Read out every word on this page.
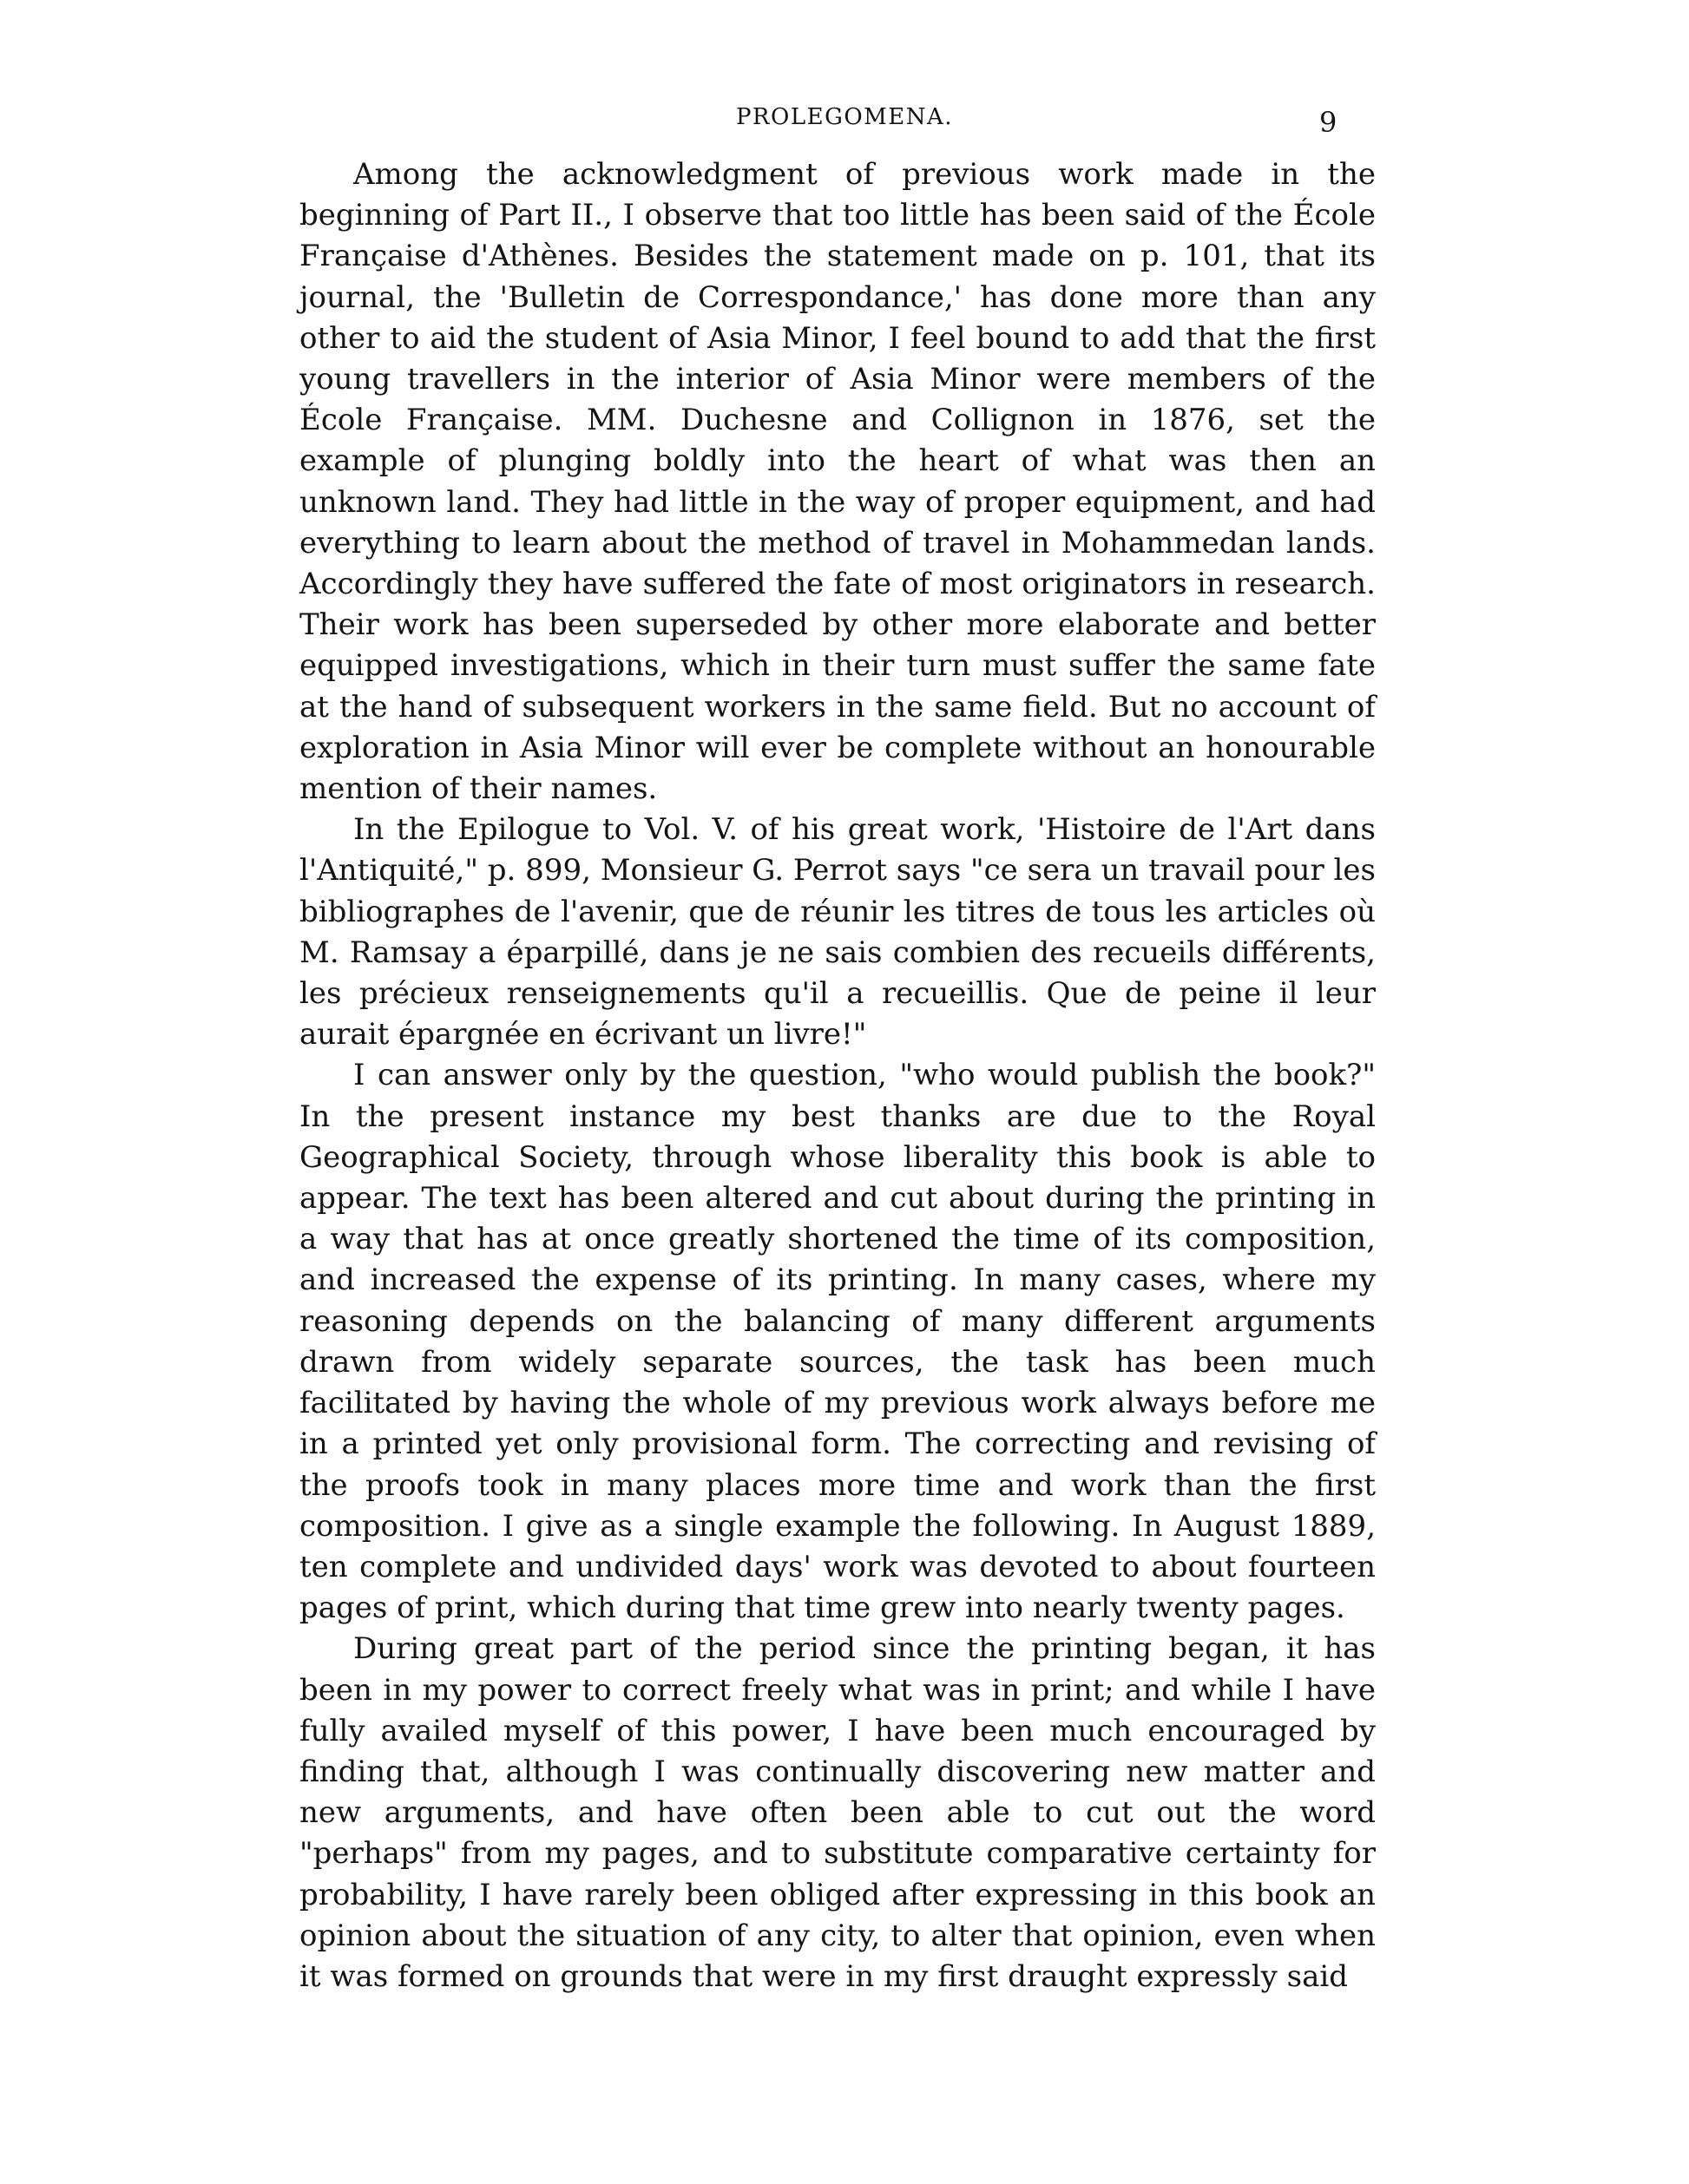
PROLEGOMENA.	9

Among the acknowledgment of previous work made in the beginning of Part II., I observe that too little has been said of the École Française d'Athènes. Besides the statement made on p. 101, that its journal, the 'Bulletin de Correspondance,' has done more than any other to aid the student of Asia Minor, I feel bound to add that the first young travellers in the interior of Asia Minor were members of the École Française. MM. Duchesne and Collignon in 1876, set the example of plunging boldly into the heart of what was then an unknown land. They had little in the way of proper equipment, and had everything to learn about the method of travel in Mohammedan lands. Accordingly they have suffered the fate of most originators in research. Their work has been superseded by other more elaborate and better equipped investigations, which in their turn must suffer the same fate at the hand of subsequent workers in the same field. But no account of exploration in Asia Minor will ever be complete without an honourable mention of their names.

In the Epilogue to Vol. V. of his great work, 'Histoire de l'Art dans l'Antiquité," p. 899, Monsieur G. Perrot says "ce sera un travail pour les bibliographes de l'avenir, que de réunir les titres de tous les articles où M. Ramsay a éparpillé, dans je ne sais combien des recueils différents, les précieux renseignements qu'il a recueillis. Que de peine il leur aurait épargnée en écrivant un livre!"

I can answer only by the question, "who would publish the book?" In the present instance my best thanks are due to the Royal Geographical Society, through whose liberality this book is able to appear. The text has been altered and cut about during the printing in a way that has at once greatly shortened the time of its composition, and increased the expense of its printing. In many cases, where my reasoning depends on the balancing of many different arguments drawn from widely separate sources, the task has been much facilitated by having the whole of my previous work always before me in a printed yet only provisional form. The correcting and revising of the proofs took in many places more time and work than the first composition. I give as a single example the following. In August 1889, ten complete and undivided days' work was devoted to about fourteen pages of print, which during that time grew into nearly twenty pages.

During great part of the period since the printing began, it has been in my power to correct freely what was in print; and while I have fully availed myself of this power, I have been much encouraged by finding that, although I was continually discovering new matter and new arguments, and have often been able to cut out the word "perhaps" from my pages, and to substitute comparative certainty for probability, I have rarely been obliged after expressing in this book an opinion about the situation of any city, to alter that opinion, even when it was formed on grounds that were in my first draught expressly said
